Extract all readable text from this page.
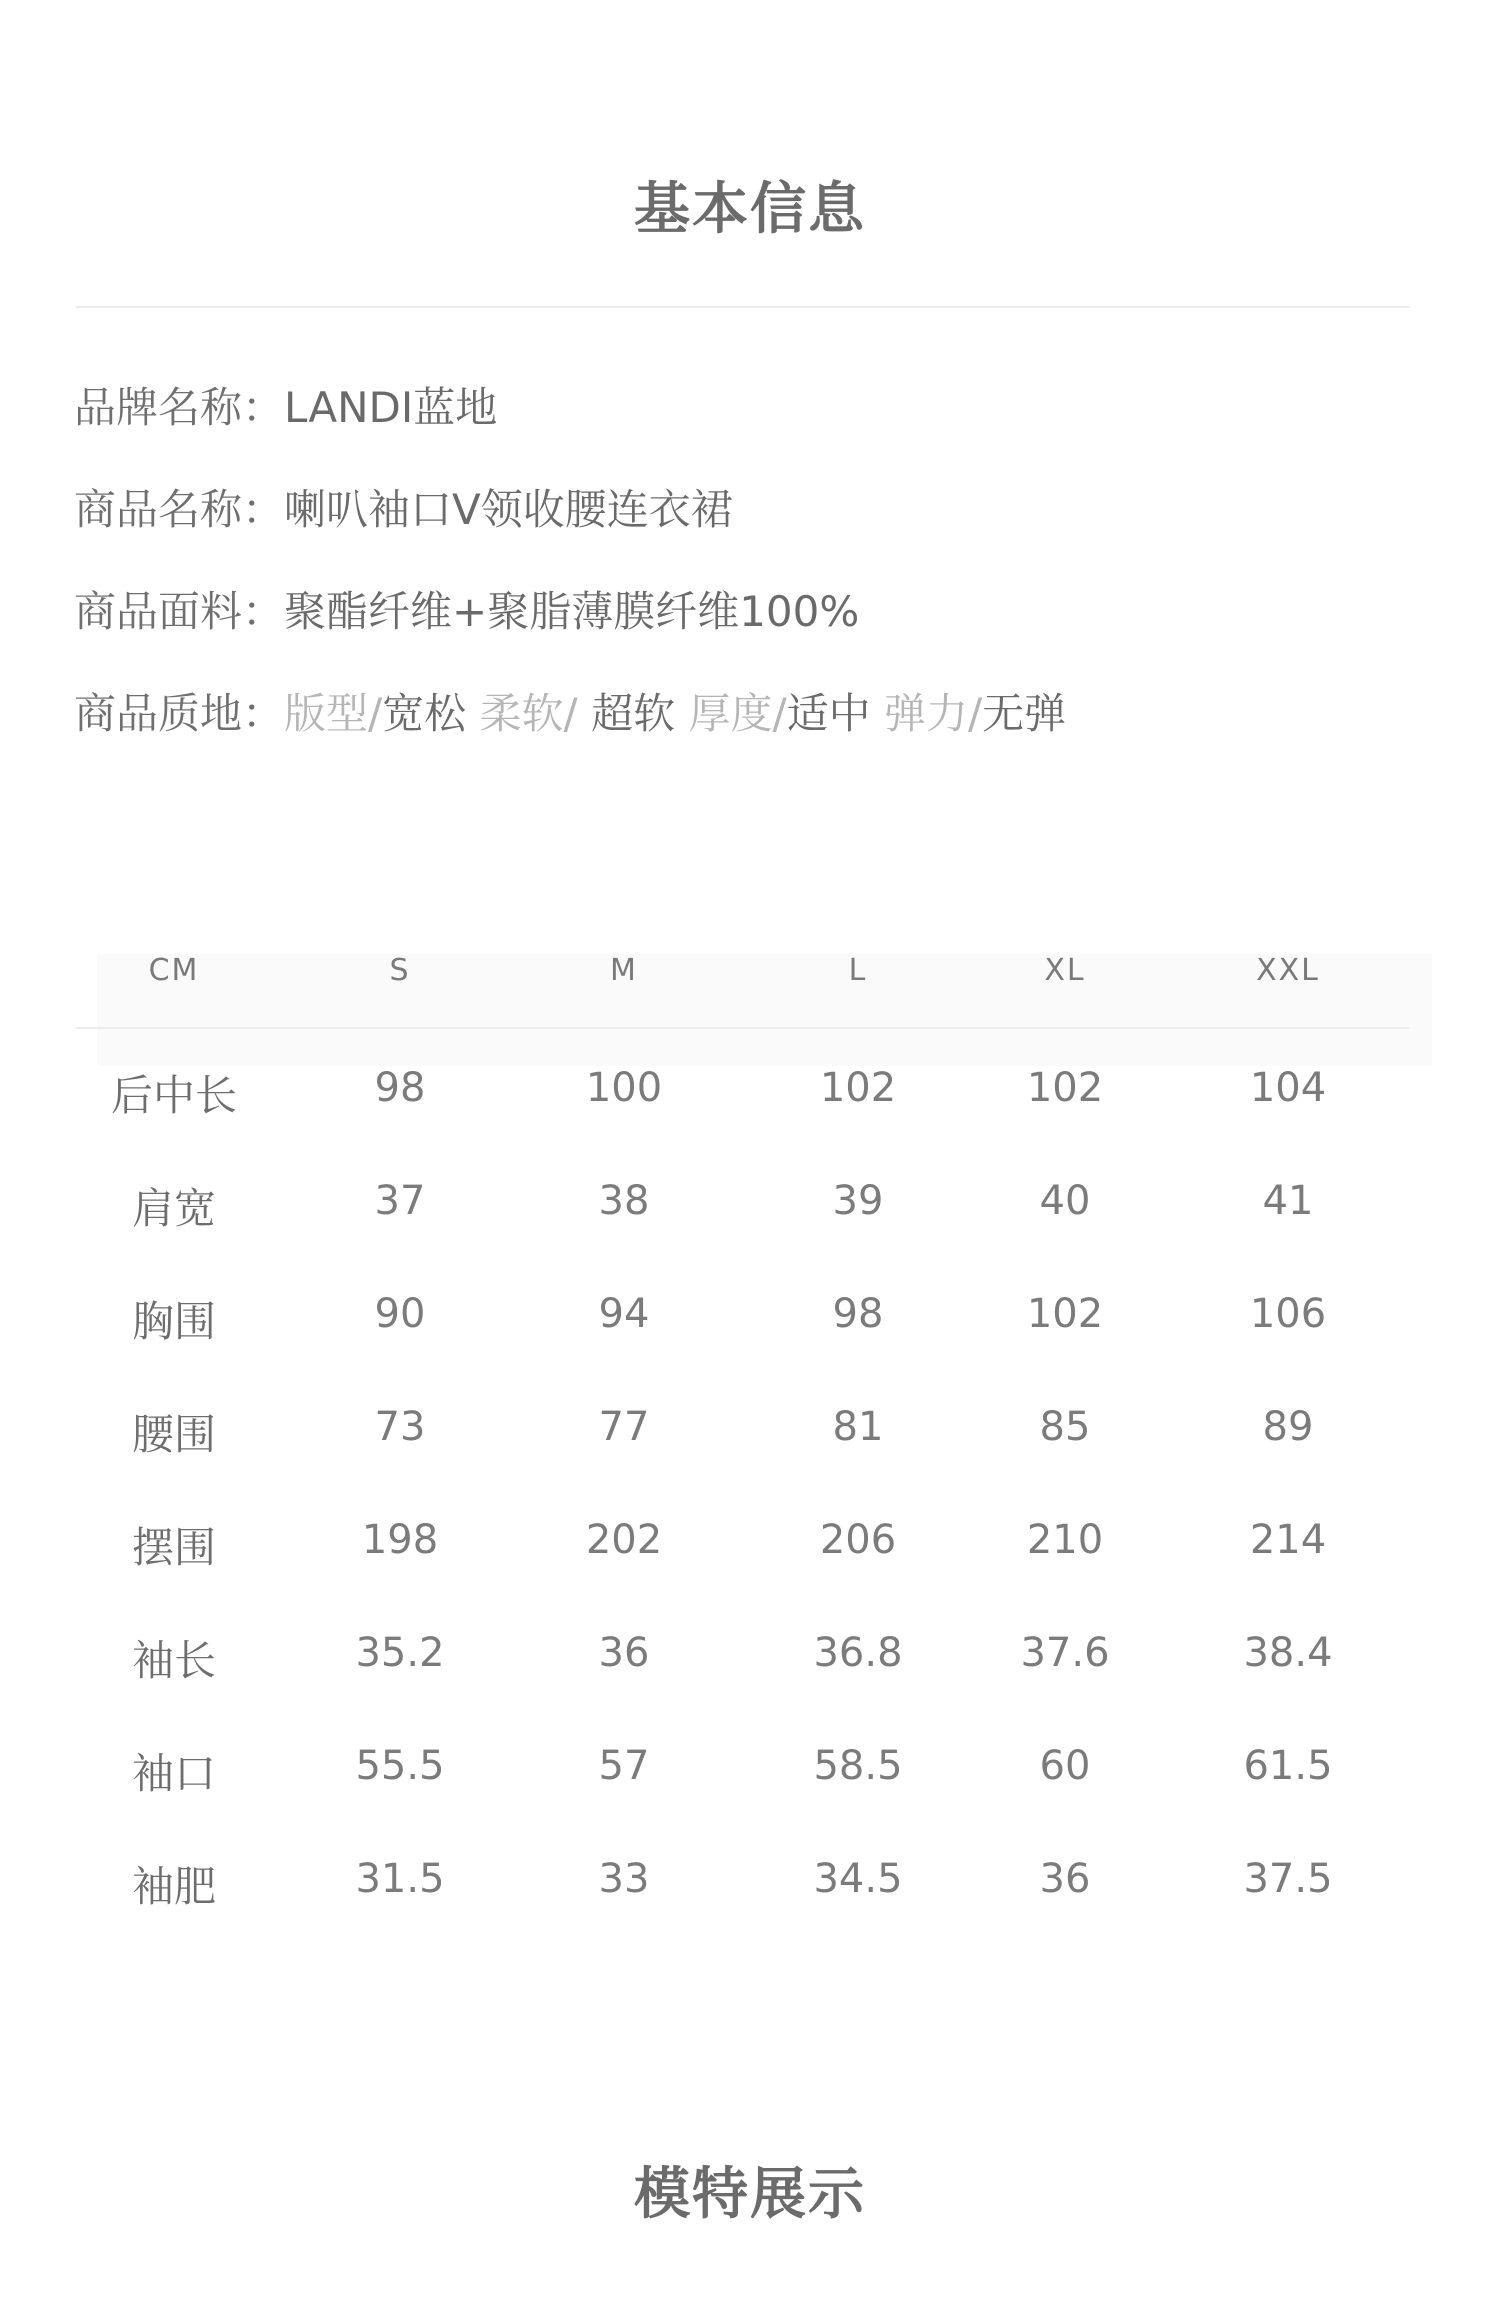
基本信息
品牌名称：LANDI蓝地
商品名称：喇叭袖口V领收腰连衣裙
商品面料：聚酯纤维+聚脂薄膜纤维100%
商品质地：版型/宽松 柔软/ 超软 厚度/适中 弹力/无弹
CM	S	M	L	XL	XXL
后中长	98	100	102	102	104
肩宽	37	38	39	40	41
胸围	90	94	98	102	106
腰围	73	77	81	85	89
摆围	198	202	206	210	214
袖长	35.2	36	36.8	37.6	38.4
袖口	55.5	57	58.5	60	61.5
袖肥	31.5	33	34.5	36	37.5
模特展示
